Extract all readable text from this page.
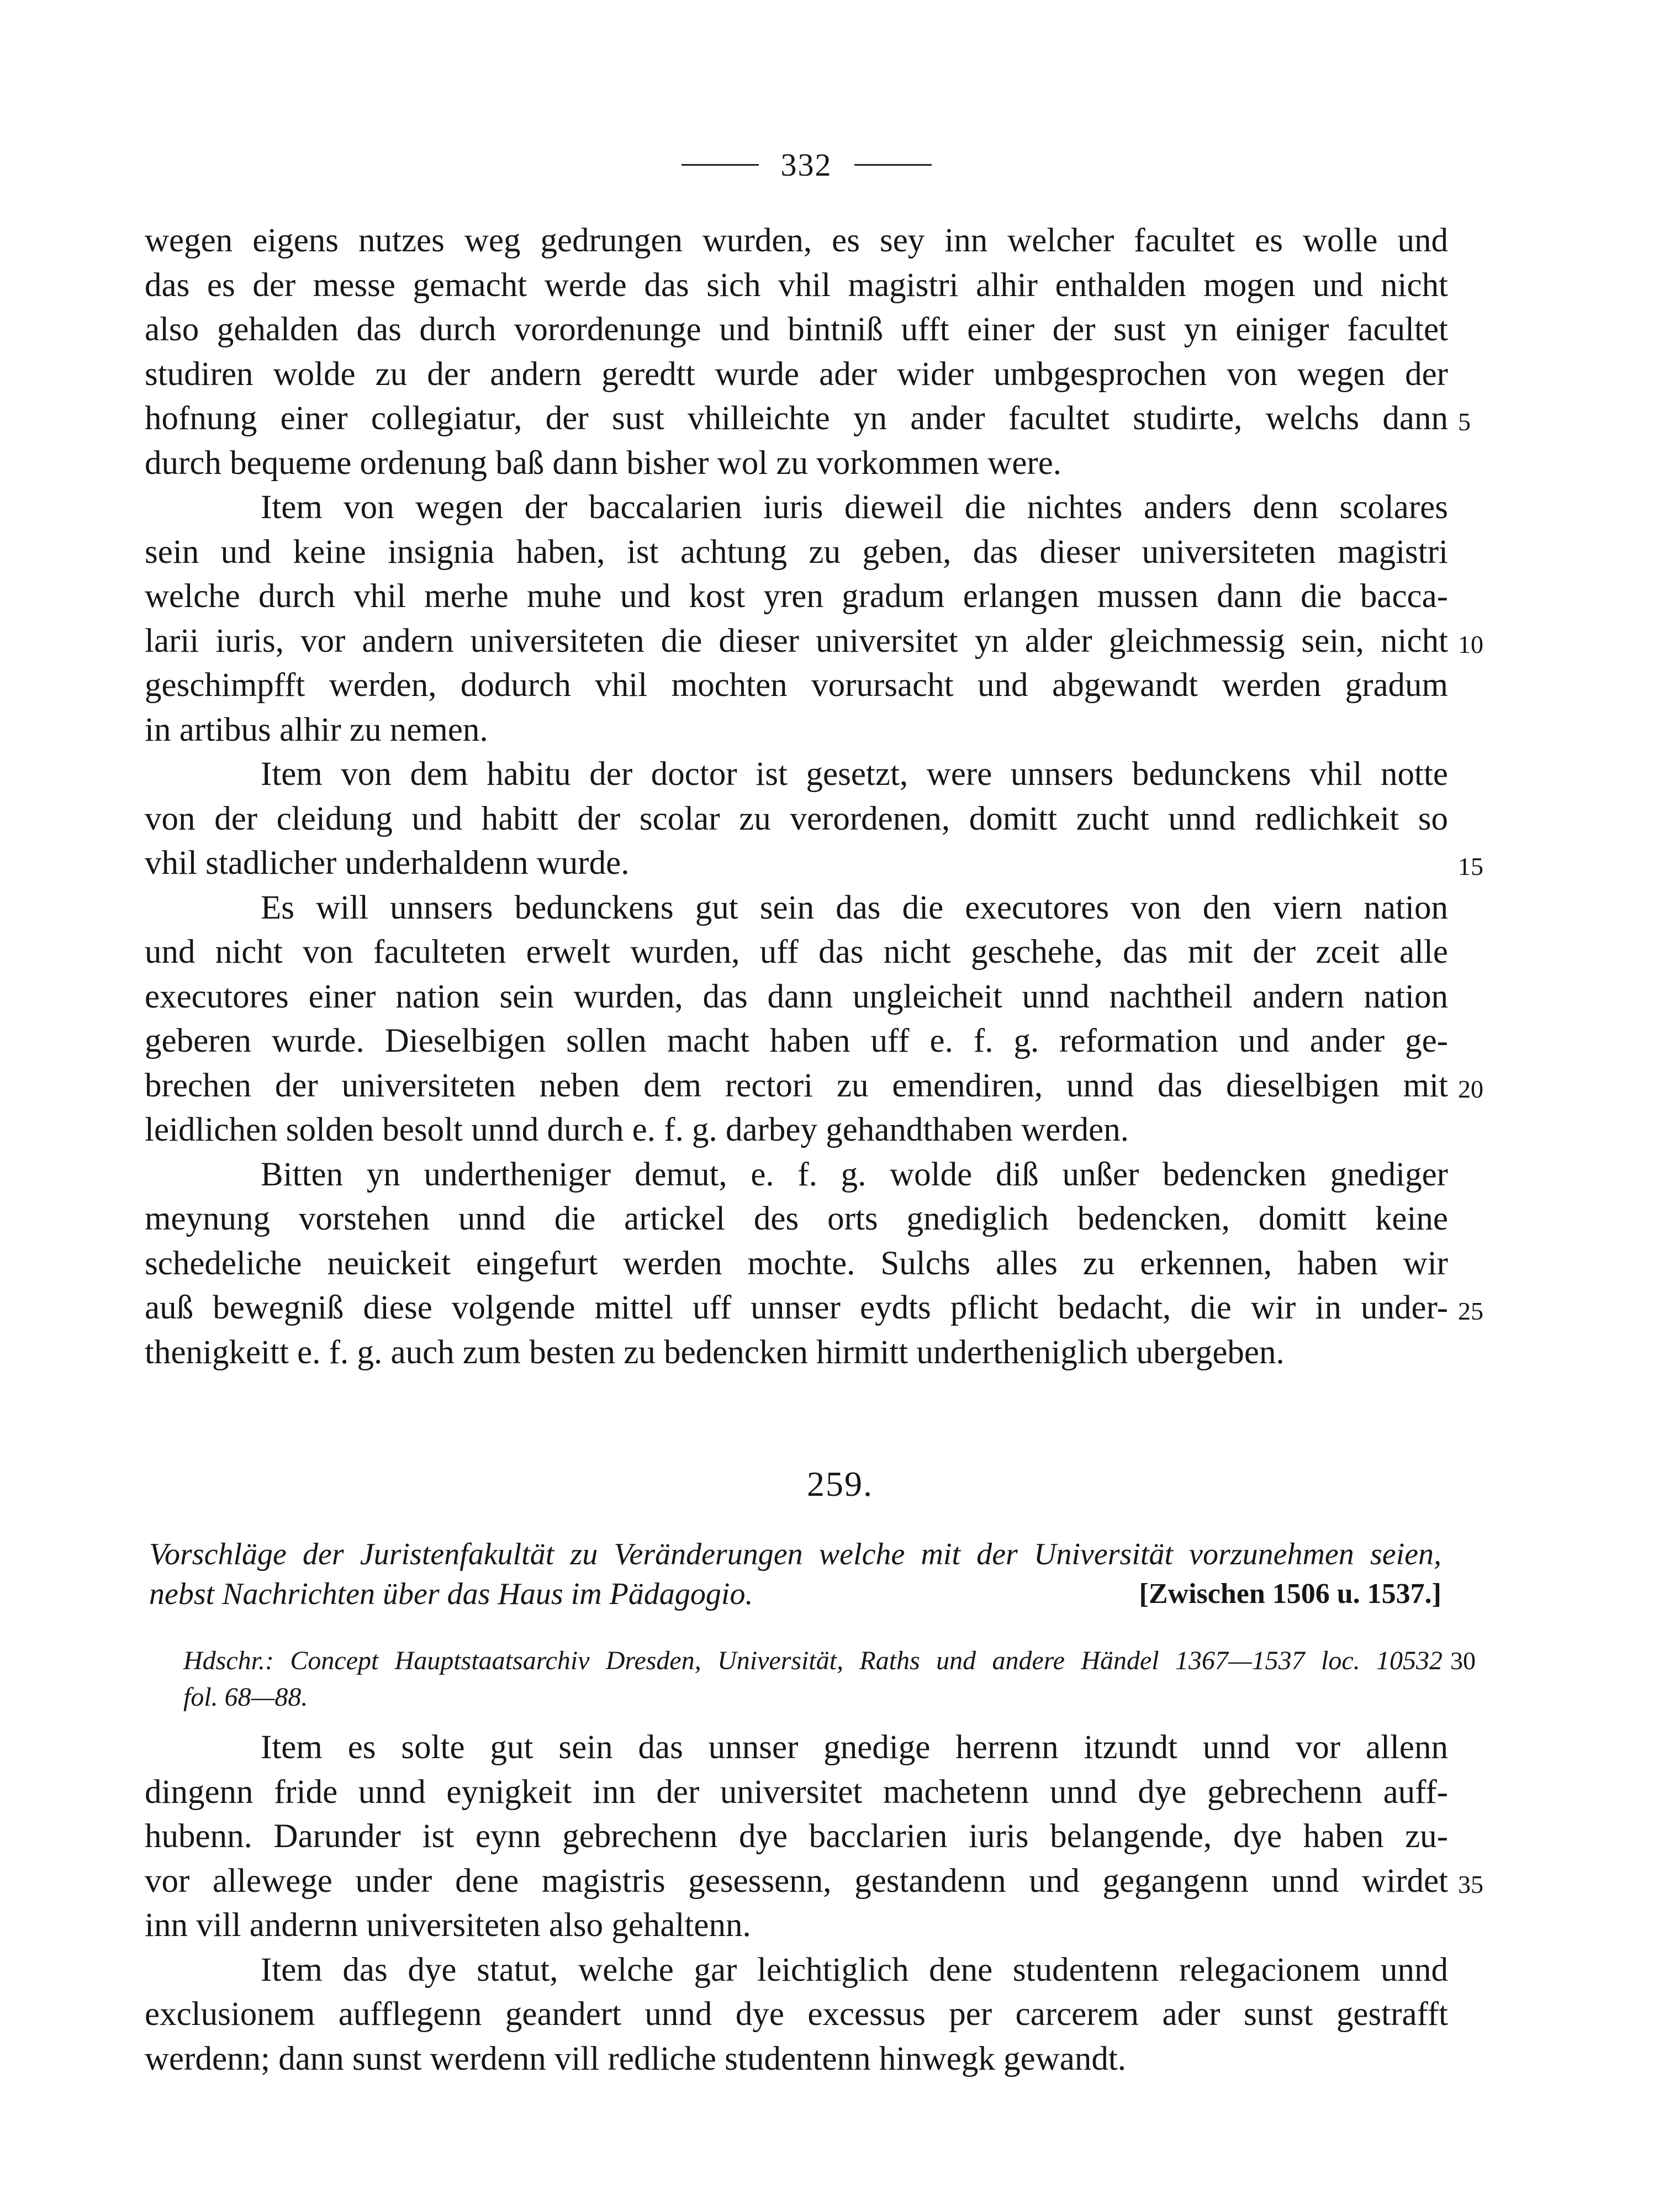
332
wegen eigens nutzes weg gedrungen wurden, es sey inn welcher facultet es wolle und
das es der messe gemacht werde das sich vhil magistri alhir enthalden mogen und nicht
also gehalden das durch vorordenunge und bintniß ufft einer der sust yn einiger facultet
studiren wolde zu der andern geredtt wurde ader wider umbgesprochen von wegen der
hofnung einer collegiatur, der sust vhilleichte yn ander facultet studirte, welchs dann 5
durch bequeme ordenung baß dann bisher wol zu vorkommen were.
Item von wegen der baccalarien iuris dieweil die nichtes anders denn scolares
sein und keine insignia haben, ist achtung zu geben, das dieser universiteten magistri
welche durch vhil merhe muhe und kost yren gradum erlangen mussen dann die bacca-
larii iuris, vor andern universiteten die dieser universitet yn alder gleichmessig sein, nicht 10
geschimpfft werden, dodurch vhil mochten vorursacht und abgewandt werden gradum
in artibus alhir zu nemen.
Item von dem habitu der doctor ist gesetzt, were unnsers bedunckens vhil notte
von der cleidung und habitt der scolar zu verordenen, domitt zucht unnd redlichkeit so
vhil stadlicher underhaldenn wurde.	15
Es will unnsers bedunckens gut sein das die executores von den viern nation
und nicht von faculteten erwelt wurden, uff das nicht geschehe, das mit der zceit alle
executores einer nation sein wurden, das dann ungleicheit unnd nachtheil andern nation
geberen wurde. Dieselbigen sollen macht haben uff e. f. g. reformation und ander ge-
brechen der universiteten neben dem rectori zu emendiren, unnd das dieselbigen mit 20
leidlichen solden besolt unnd durch e. f. g. darbey gehandthaben werden.
Bitten yn undertheniger demut, e. f. g. wolde diß unßer bedencken gnediger
meynung vorstehen unnd die artickel des orts gnediglich bedencken, domitt keine
schedeliche neuickeit eingefurt werden mochte. Sulchs alles zu erkennen, haben wir
auß bewegniß diese volgende mittel uff unnser eydts pflicht bedacht, die wir in under- 25
thenigkeitt e. f. g. auch zum besten zu bedencken hirmitt undertheniglich ubergeben.
259.
Vorschläge der Juristenfakultät zu Veränderungen welche mit der Universität vorzunehmen seien,
nebst Nachrichten über das Haus im Pädagogio.	[Zwischen 1506 u. 1537.]
Hdschr.: Concept Hauptstaatsarchiv Dresden, Universität, Raths und andere Händel 1367—1537 loc. 10532 30
fol. 68—88.
Item es solte gut sein das unnser gnedige herrenn itzundt unnd vor allenn
dingenn fride unnd eynigkeit inn der universitet machetenn unnd dye gebrechenn auff-
hubenn. Darunder ist eynn gebrechenn dye bacclarien iuris belangende, dye haben zu-
vor allewege under dene magistris gesessenn, gestandenn und gegangenn unnd wirdet 35
inn vill andernn universiteten also gehaltenn.
Item das dye statut, welche gar leichtiglich dene studentenn relegacionem unnd
exclusionem aufflegenn geandert unnd dye excessus per carcerem ader sunst gestrafft
werdenn; dann sunst werdenn vill redliche studentenn hinwegk gewandt.
